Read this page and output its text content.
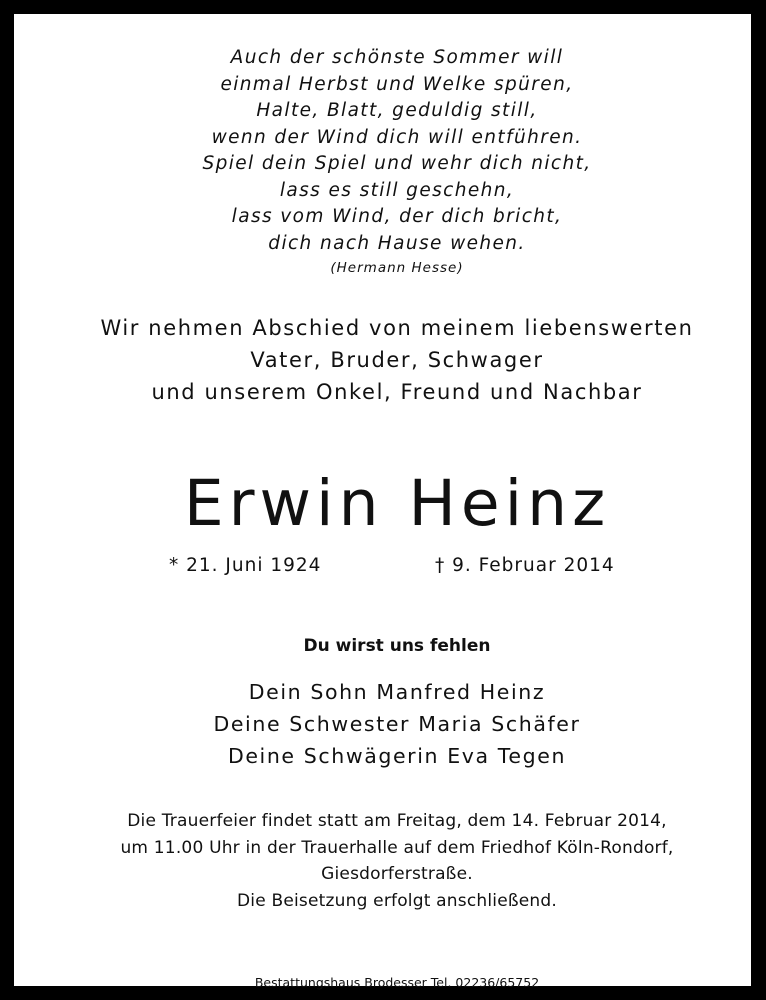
Auch der schönste Sommer will
einmal Herbst und Welke spüren,
Halte, Blatt, geduldig still,
wenn der Wind dich will entführen.
Spiel dein Spiel und wehr dich nicht,
lass es still geschehn,
lass vom Wind, der dich bricht,
dich nach Hause wehen.
(Hermann Hesse)
Wir nehmen Abschied von meinem liebenswerten
Vater, Bruder, Schwager
und unserem Onkel, Freund und Nachbar
Erwin Heinz
* 21. Juni 1924	† 9. Februar 2014
Du wirst uns fehlen
Dein Sohn Manfred Heinz
Deine Schwester Maria Schäfer
Deine Schwägerin Eva Tegen
Die Trauerfeier findet statt am Freitag, dem 14. Februar 2014,
um 11.00 Uhr in der Trauerhalle auf dem Friedhof Köln-Rondorf,
Giesdorferstraße.
Die Beisetzung erfolgt anschließend.
Bestattungshaus Brodesser Tel. 02236/65752
